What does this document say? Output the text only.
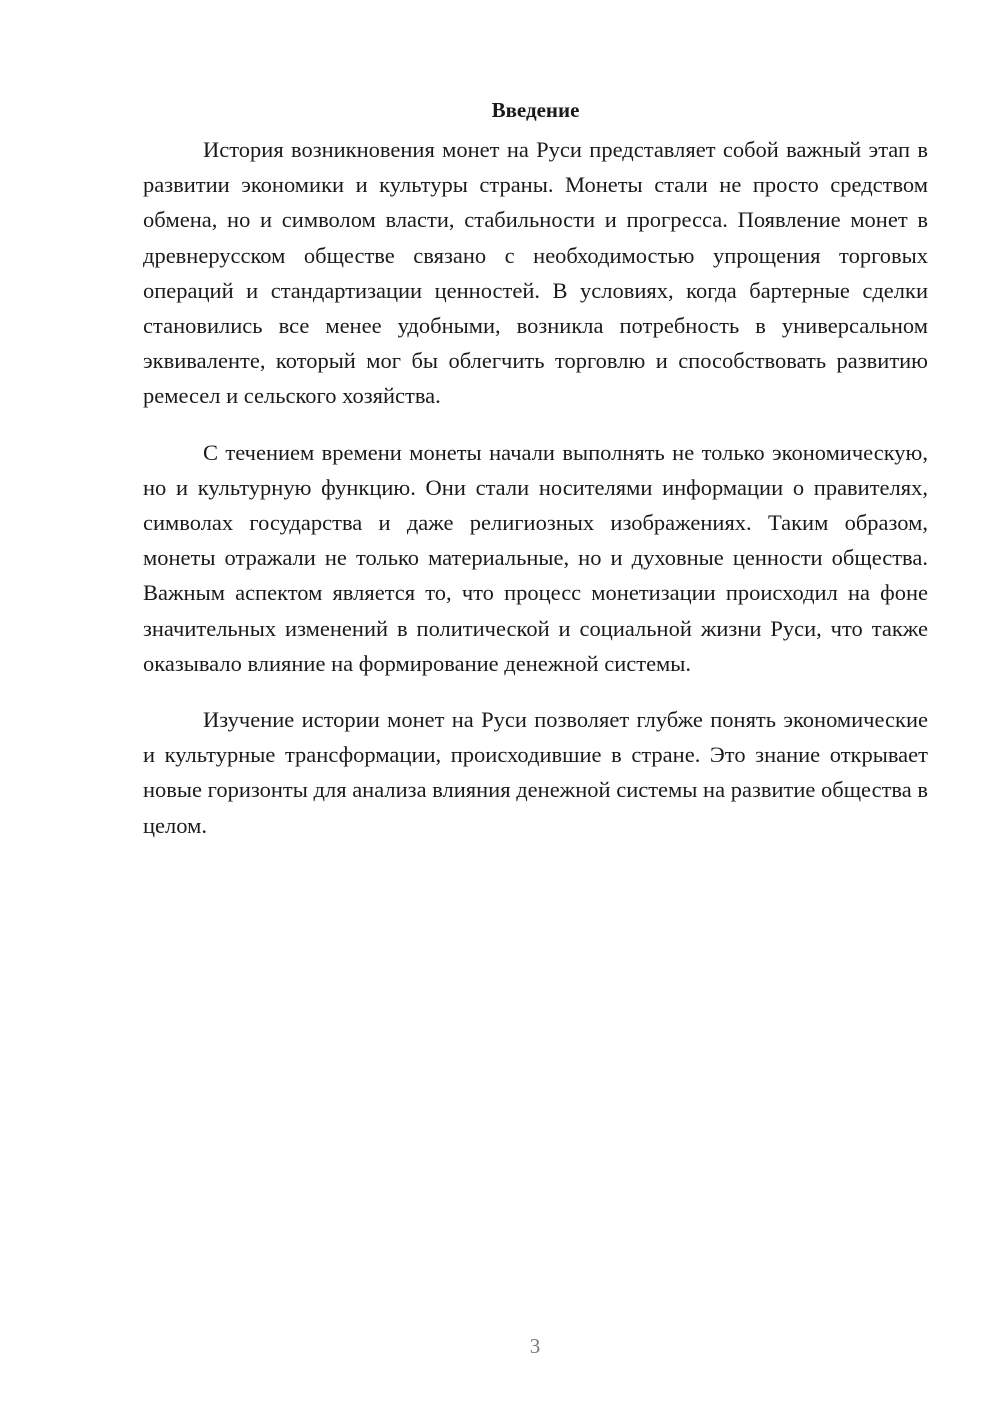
Введение

История возникновения монет на Руси представляет собой важный этап в развитии экономики и культуры страны. Монеты стали не просто средством обмена, но и символом власти, стабильности и прогресса. Появление монет в древнерусском обществе связано с необходимостью упрощения торговых операций и стандартизации ценностей. В условиях, когда бартерные сделки становились все менее удобными, возникла потребность в универсальном эквиваленте, который мог бы облегчить торговлю и способствовать развитию ремесел и сельского хозяйства.

С течением времени монеты начали выполнять не только экономическую, но и культурную функцию. Они стали носителями информации о правителях, символах государства и даже религиозных изображениях. Таким образом, монеты отражали не только материальные, но и духовные ценности общества. Важным аспектом является то, что процесс монетизации происходил на фоне значительных изменений в политической и социальной жизни Руси, что также оказывало влияние на формирование денежной системы.

Изучение истории монет на Руси позволяет глубже понять экономические и культурные трансформации, происходившие в стране. Это знание открывает новые горизонты для анализа влияния денежной системы на развитие общества в целом.

3
